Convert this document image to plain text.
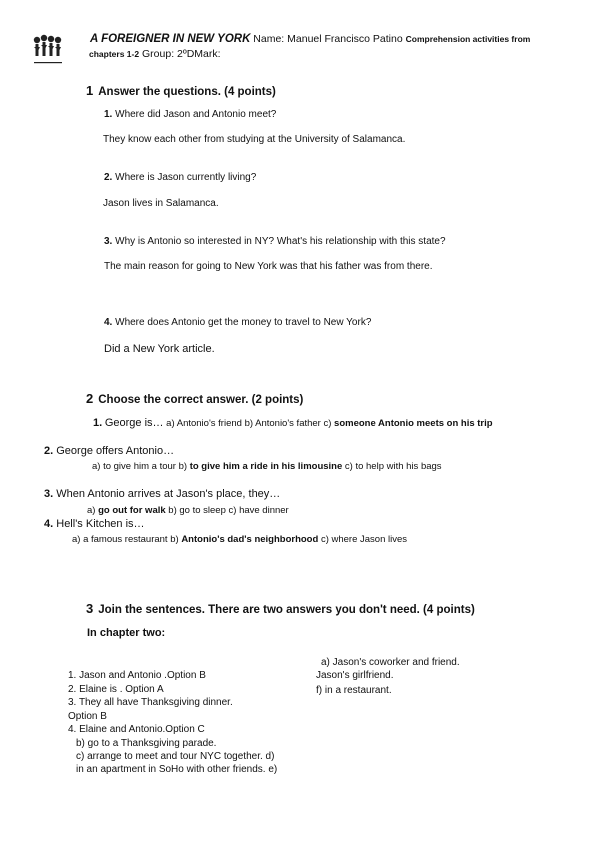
A FOREIGNER IN NEW YORK Name: Manuel Francisco Patino Comprehension activities from
chapters 1-2 Group: 2ºDMark:
1 Answer the questions. (4 points)
1. Where did Jason and Antonio meet?
They know each other from studying at the University of Salamanca.
2. Where is Jason currently living?
Jason lives in Salamanca.
3. Why is Antonio so interested in NY? What's his relationship with this state?
The main reason for going to New York was that his father was from there.
4. Where does Antonio get the money to travel to New York?
Did a New York article.
2 Choose the correct answer. (2 points)
1. George is… a) Antonio's friend b) Antonio's father c) someone Antonio meets on his trip
2. George offers Antonio…
a) to give him a tour b) to give him a ride in his limousine c) to help with his bags
3. When Antonio arrives at Jason's place, they…
a) go out for walk b) go to sleep c) have dinner
4. Hell's Kitchen is…
a) a famous restaurant b) Antonio's dad's neighborhood c) where Jason lives
3 Join the sentences. There are two answers you don't need. (4 points)
In chapter two:
a) Jason's coworker and friend.
Jason's girlfriend.
f) in a restaurant.
1. Jason and Antonio .Option B
2. Elaine is . Option A
3. They all have Thanksgiving dinner.
Option B
4. Elaine and Antonio.Option C
b) go to a Thanksgiving parade.
c) arrange to meet and tour NYC together. d)
in an apartment in SoHo with other friends. e)
